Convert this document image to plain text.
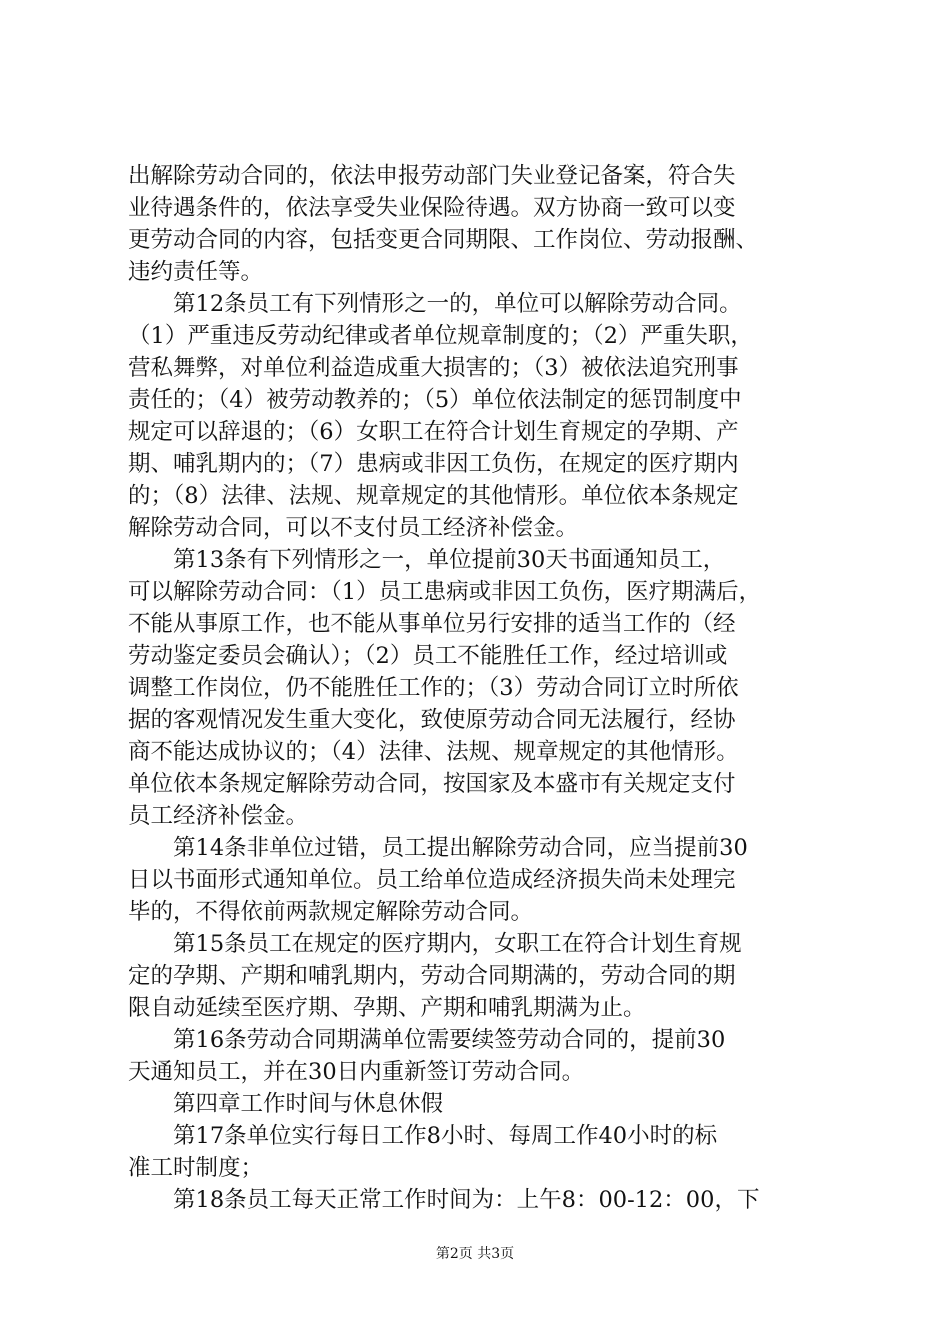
出解除劳动合同的，依法申报劳动部门失业登记备案，符合失
业待遇条件的，依法享受失业保险待遇。双方协商一致可以变
更劳动合同的内容，包括变更合同期限、工作岗位、劳动报酬、
违约责任等。

　　第12条员工有下列情形之一的，单位可以解除劳动合同。
（1）严重违反劳动纪律或者单位规章制度的；（2）严重失职，
营私舞弊，对单位利益造成重大损害的；（3）被依法追究刑事
责任的；（4）被劳动教养的；（5）单位依法制定的惩罚制度中
规定可以辞退的；（6）女职工在符合计划生育规定的孕期、产
期、哺乳期内的；（7）患病或非因工负伤，在规定的医疗期内
的；（8）法律、法规、规章规定的其他情形。单位依本条规定
解除劳动合同，可以不支付员工经济补偿金。

　　第13条有下列情形之一，单位提前30天书面通知员工，
可以解除劳动合同：（1）员工患病或非因工负伤，医疗期满后，
不能从事原工作，也不能从事单位另行安排的适当工作的（经
劳动鉴定委员会确认）；（2）员工不能胜任工作，经过培训或
调整工作岗位，仍不能胜任工作的；（3）劳动合同订立时所依
据的客观情况发生重大变化，致使原劳动合同无法履行，经协
商不能达成协议的；（4）法律、法规、规章规定的其他情形。
单位依本条规定解除劳动合同，按国家及本盛市有关规定支付
员工经济补偿金。

　　第14条非单位过错，员工提出解除劳动合同，应当提前30
日以书面形式通知单位。员工给单位造成经济损失尚未处理完
毕的，不得依前两款规定解除劳动合同。

　　第15条员工在规定的医疗期内，女职工在符合计划生育规
定的孕期、产期和哺乳期内，劳动合同期满的，劳动合同的期
限自动延续至医疗期、孕期、产期和哺乳期满为止。

　　第16条劳动合同期满单位需要续签劳动合同的，提前30
天通知员工，并在30日内重新签订劳动合同。

　　第四章工作时间与休息休假

　　第17条单位实行每日工作8小时、每周工作40小时的标
准工时制度；

　　第18条员工每天正常工作时间为：上午8：00-12：00，下

第2页 共3页
